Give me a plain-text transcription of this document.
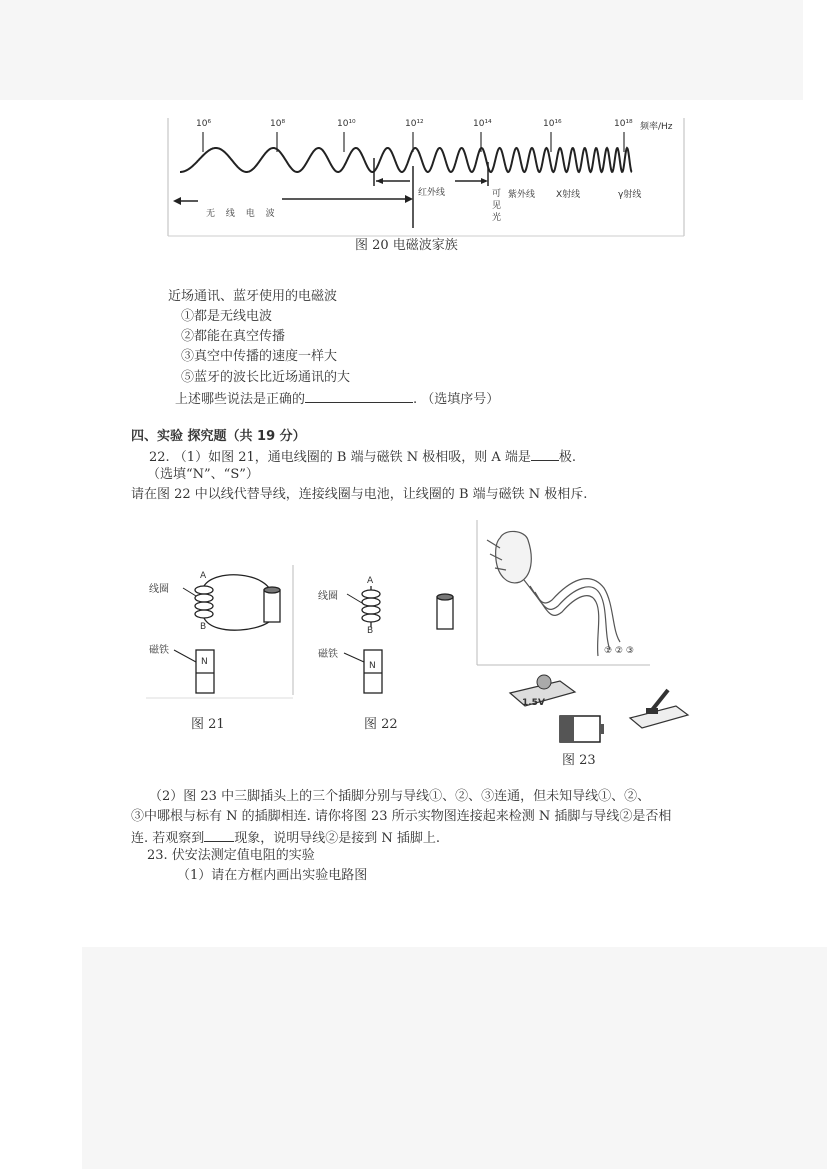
10⁶	10⁸	10¹⁰	10¹²	10¹⁴	10¹⁶	10¹⁸ 频率/Hz
无 线 电 波
红外线	可
见
光
紫外线 X射线	γ射线
图 20 电磁波家族
近场通讯、蓝牙使用的电磁波
①都是无线电波
②都能在真空传播
③真空中传播的速度一样大
⑤蓝牙的波长比近场通讯的大
上述哪些说法是正确的	. （选填序号）
四、实验 探究题（共 19 分）
22. （1）如图 21，通电线圈的 B 端与磁铁 N 极相吸，则 A 端是 极.
（选填“N”、“S”）
请在图 22 中以线代替导线，连接线圈与电池，让线圈的 B 端与磁铁 N 极相斥.
线圈
A
B
磁铁
N
图 21
线圈
A
B
磁铁
N
图 22
① ② ③
1.5V
图 23
（2）图 23 中三脚插头上的三个插脚分别与导线①、②、③连通，但未知导线①、②、
③中哪根与标有 N 的插脚相连. 请你将图 23 所示实物图连接起来检测 N 插脚与导线②是否相
连. 若观察到 现象，说明导线②是接到 N 插脚上.
23. 伏安法测定值电阻的实验
（1）请在方框内画出实验电路图
